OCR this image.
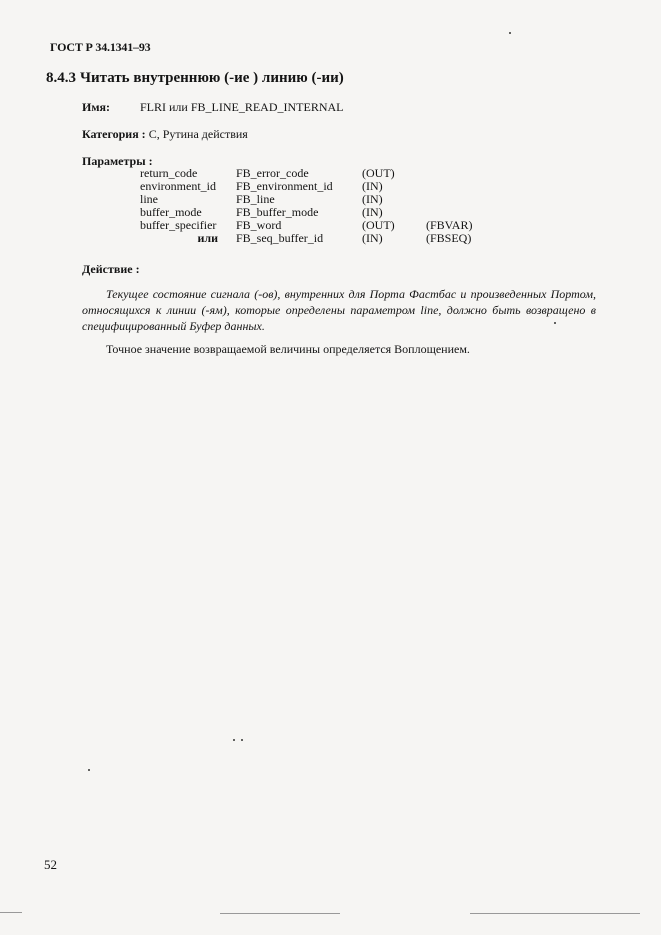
ГОСТ Р 34.1341–93
8.4.3 Читать внутреннюю (-ие ) линию (-ии)
Имя:	FLRI или FB_LINE_READ_INTERNAL
Категория : C, Рутина действия
Параметры :
return_code	FB_error_code	(OUT)
environment_id FB_environment_id (IN)
line	FB_line	(IN)
buffer_mode	FB_buffer_mode	(IN)
buffer_specifier FB_word	(OUT)	(FBVAR)
или FB_seq_buffer_id	(IN)	(FBSEQ)
Действие :
Текущее состояние сигнала (-ов), внутренних для Порта Фастбас и произведенных Портом, относящихся к линии (-ям), которые определены параметром line, должно быть возвращено в специфицированный Буфер данных.
Точное значение возвращаемой величины определяется Воплощением.
52
